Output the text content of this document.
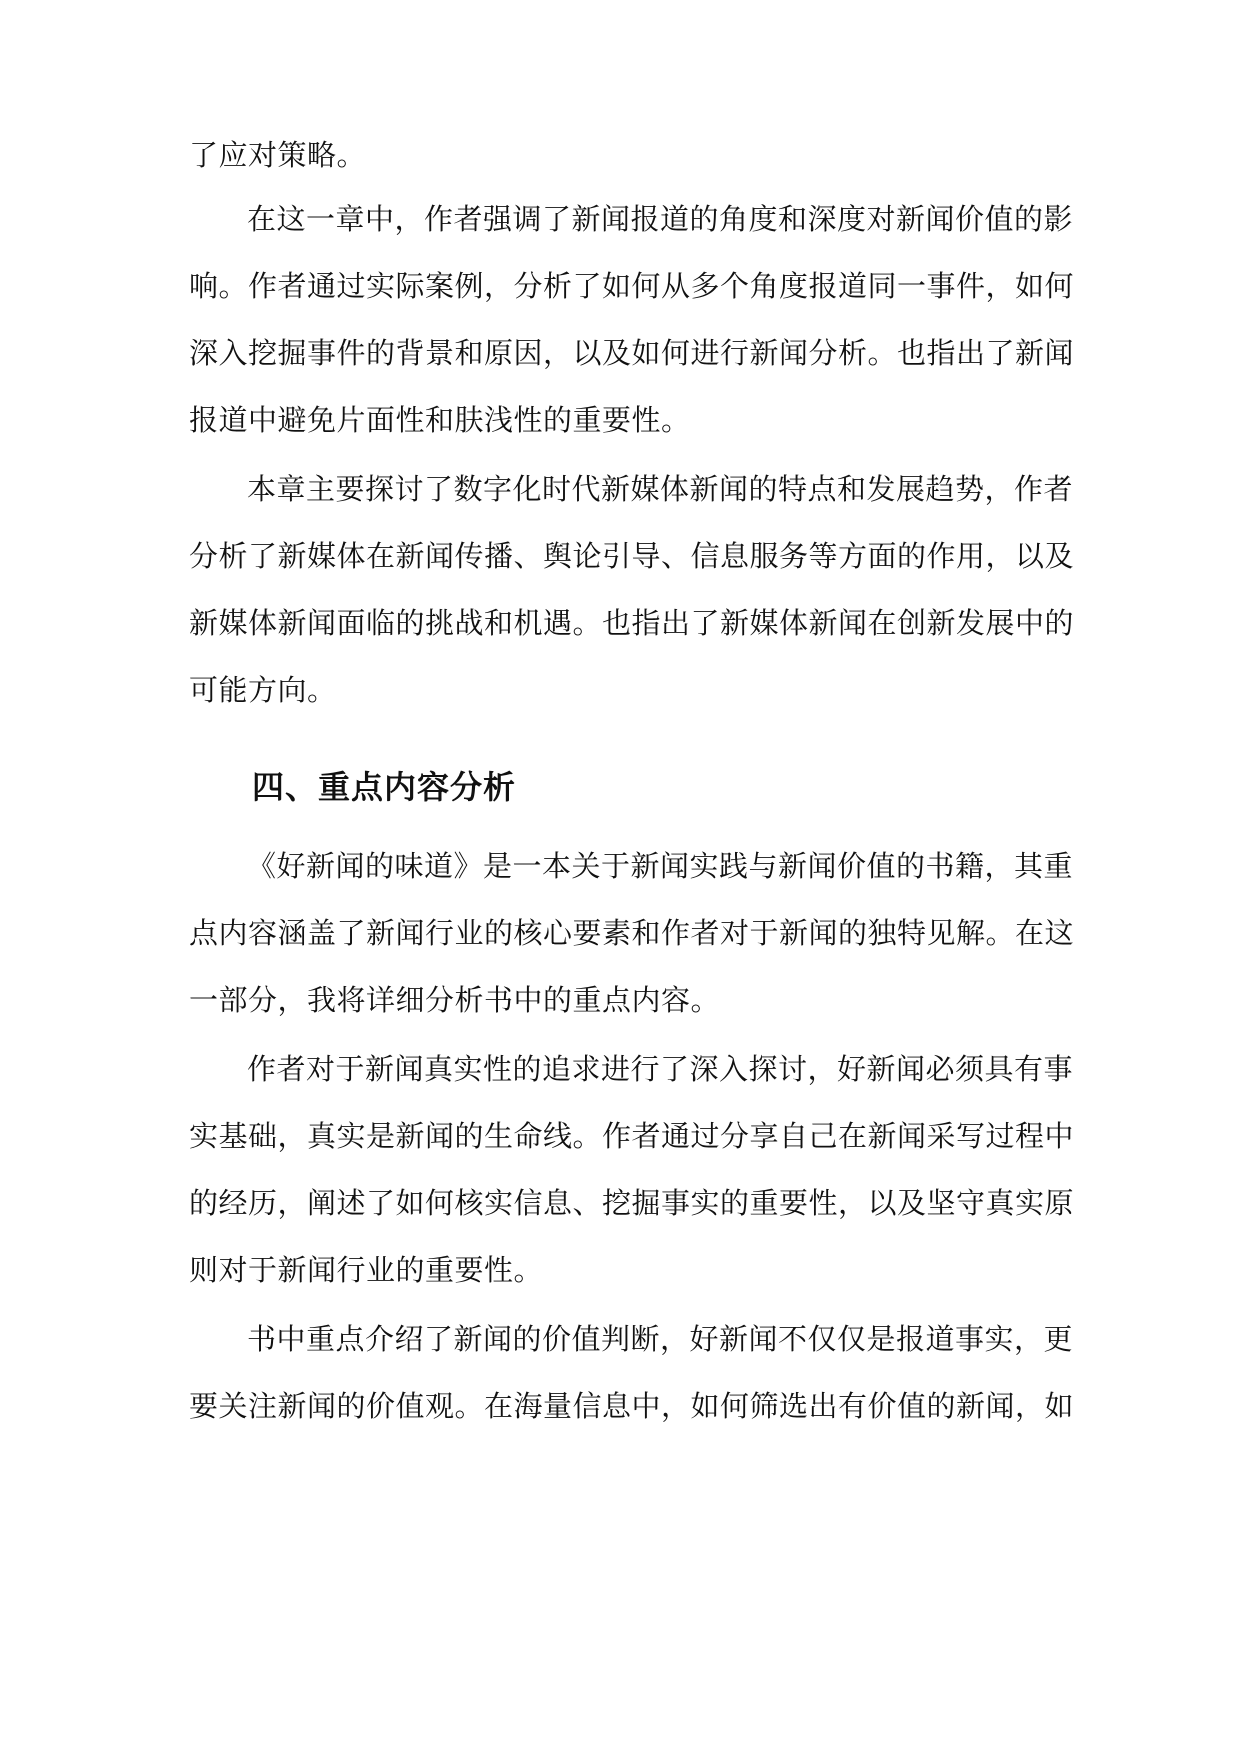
了应对策略。
在这一章中，作者强调了新闻报道的角度和深度对新闻价值的影
响。作者通过实际案例，分析了如何从多个角度报道同一事件，如何
深入挖掘事件的背景和原因，以及如何进行新闻分析。也指出了新闻
报道中避免片面性和肤浅性的重要性。
本章主要探讨了数字化时代新媒体新闻的特点和发展趋势，作者
分析了新媒体在新闻传播、舆论引导、信息服务等方面的作用，以及
新媒体新闻面临的挑战和机遇。也指出了新媒体新闻在创新发展中的
可能方向。
四、重点内容分析
《好新闻的味道》是一本关于新闻实践与新闻价值的书籍，其重
点内容涵盖了新闻行业的核心要素和作者对于新闻的独特见解。在这
一部分，我将详细分析书中的重点内容。
作者对于新闻真实性的追求进行了深入探讨，好新闻必须具有事
实基础，真实是新闻的生命线。作者通过分享自己在新闻采写过程中
的经历，阐述了如何核实信息、挖掘事实的重要性，以及坚守真实原
则对于新闻行业的重要性。
书中重点介绍了新闻的价值判断，好新闻不仅仅是报道事实，更
要关注新闻的价值观。在海量信息中，如何筛选出有价值的新闻，如
